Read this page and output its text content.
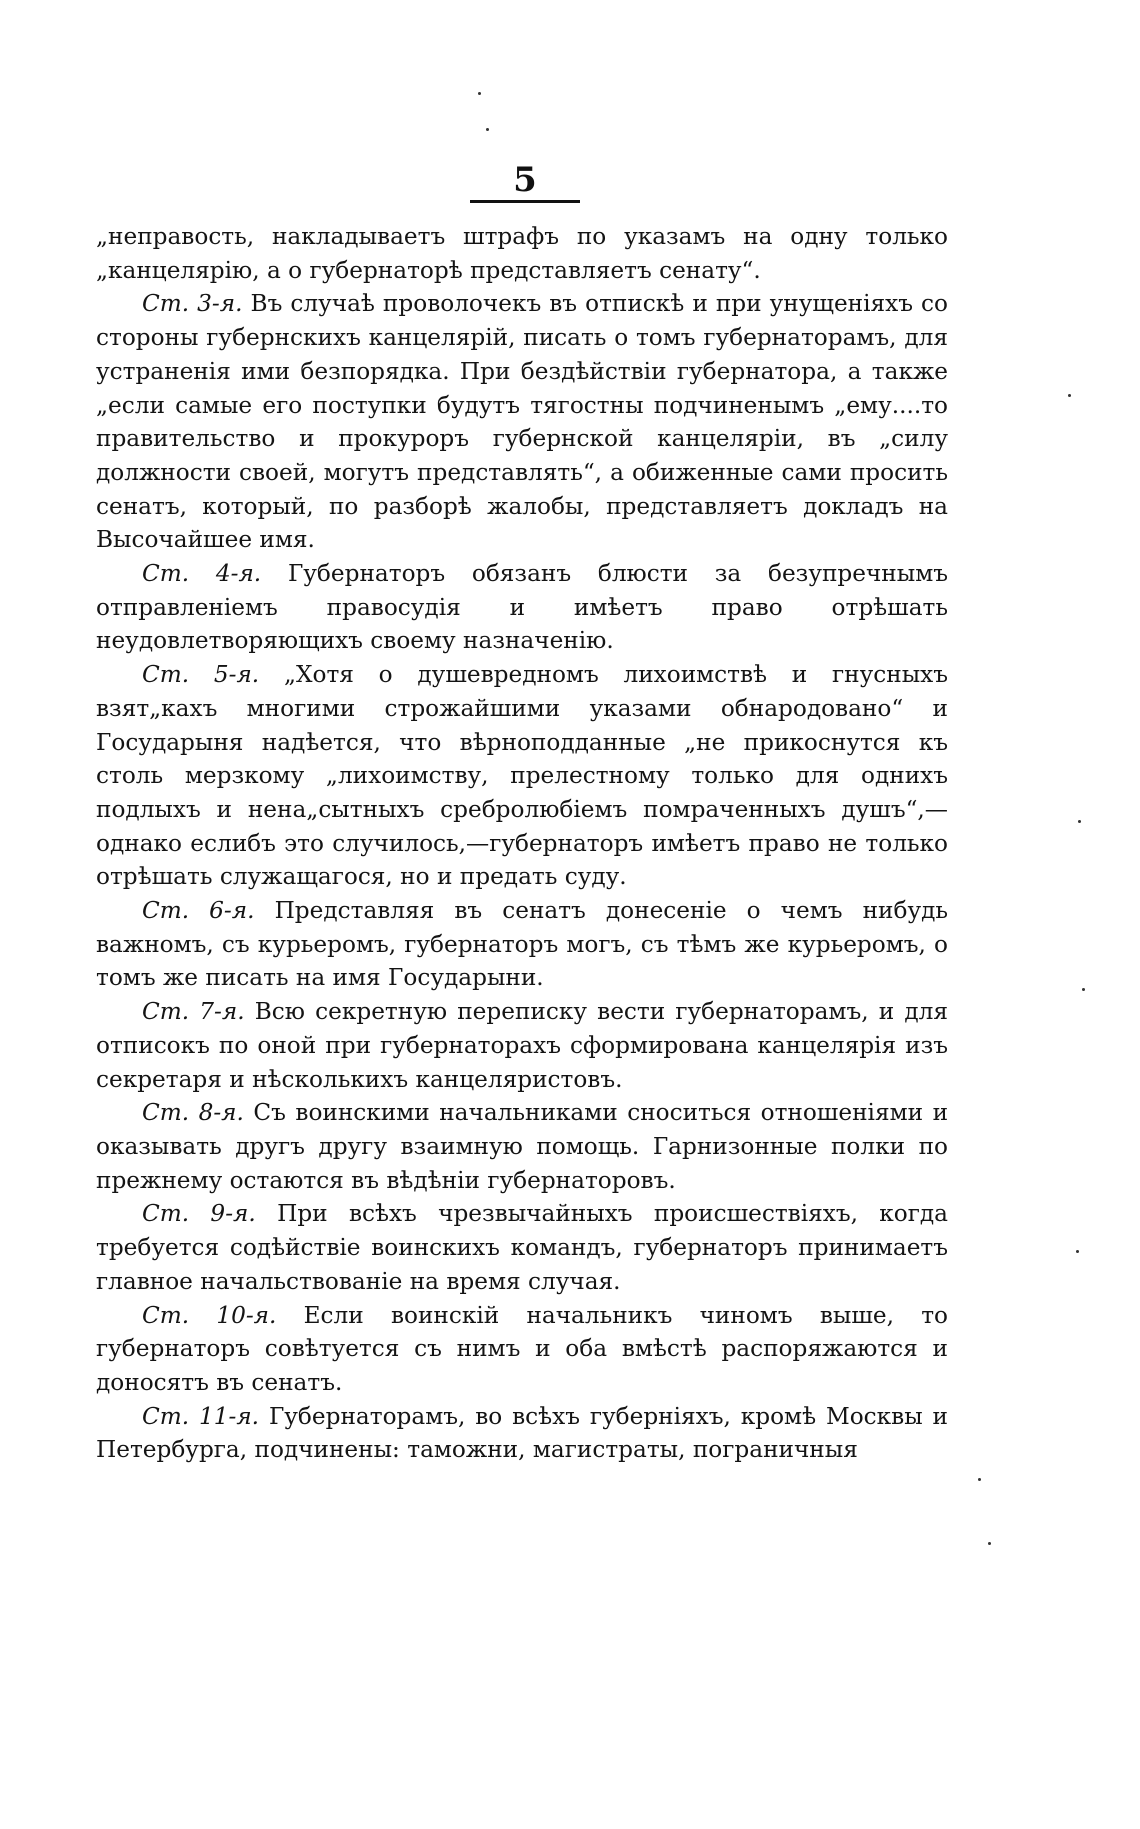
5

„неправость, накладываетъ штрафъ по указамъ на одну только „канцелярію, а о губернаторѣ представляетъ сенату“.

Ст. 3-я. Въ случаѣ проволочекъ въ отпискѣ и при унущеніяхъ со стороны губернскихъ канцелярій, писать о томъ губернаторамъ, для устраненія ими безпорядка. При бездѣйствіи губернатора, а также „если самые его поступки будутъ тягостны подчиненымъ „ему....то правительство и прокуроръ губернской канцеляріи, въ „силу должности своей, могутъ представлять“, а обиженные сами просить сенатъ, который, по разборѣ жалобы, представляетъ докладъ на Высочайшее имя.

Ст. 4-я. Губернаторъ обязанъ блюсти за безупречнымъ отправленіемъ правосудія и имѣетъ право отрѣшать неудовлетворяющихъ своему назначенію.

Ст. 5-я. „Хотя о душевредномъ лихоимствѣ и гнусныхъ взят„кахъ многими строжайшими указами обнародовано“ и Государыня надѣется, что вѣрноподданные „не прикоснутся къ столь мерзкому „лихоимству, прелестному только для однихъ подлыхъ и нена„сытныхъ сребролюбіемъ помраченныхъ душъ“,—однако еслибъ это случилось,—губернаторъ имѣетъ право не только отрѣшать служащагося, но и предать суду.

Ст. 6-я. Представляя въ сенатъ донесеніе о чемъ нибудь важномъ, съ курьеромъ, губернаторъ могъ, съ тѣмъ же курьеромъ, о томъ же писать на имя Государыни.

Ст. 7-я. Всю секретную переписку вести губернаторамъ, и для отписокъ по оной при губернаторахъ сформирована канцелярія изъ секретаря и нѣсколькихъ канцеляристовъ.

Ст. 8-я. Съ воинскими начальниками сноситься отношеніями и оказывать другъ другу взаимную помощь. Гарнизонные полки по прежнему остаются въ вѣдѣніи губернаторовъ.

Ст. 9-я. При всѣхъ чрезвычайныхъ происшествіяхъ, когда требуется содѣйствіе воинскихъ командъ, губернаторъ принимаетъ главное начальствованіе на время случая.

Ст. 10-я. Если воинскій начальникъ чиномъ выше, то губернаторъ совѣтуется съ нимъ и оба вмѣстѣ распоряжаются и доносятъ въ сенатъ.

Ст. 11-я. Губернаторамъ, во всѣхъ губерніяхъ, кромѣ Москвы и Петербурга, подчинены: таможни, магистраты, пограничныя
